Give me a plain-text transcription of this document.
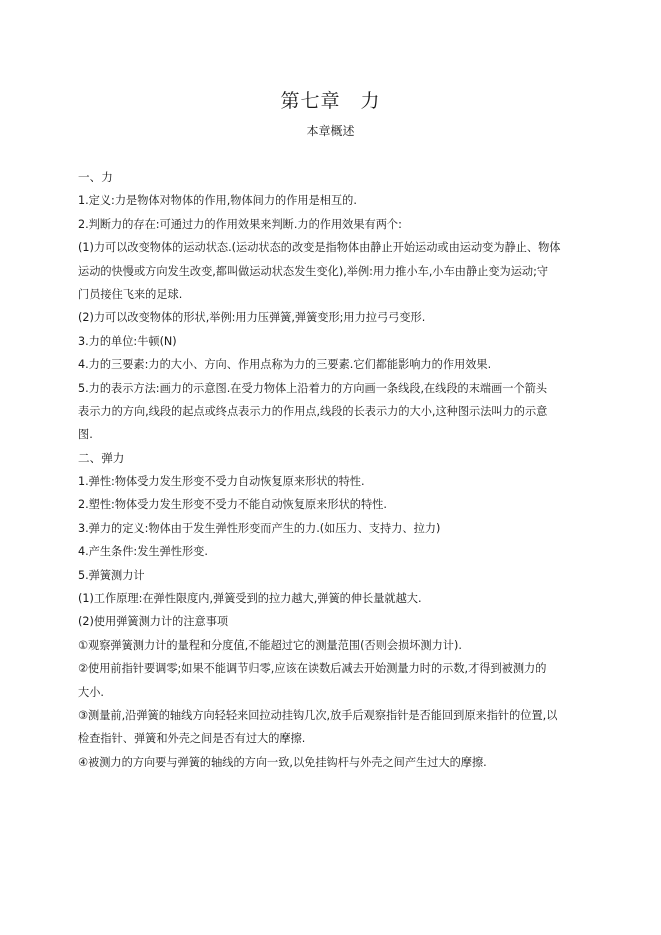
第七章　力
本章概述
一、力
1.定义:力是物体对物体的作用,物体间力的作用是相互的.
2.判断力的存在:可通过力的作用效果来判断.力的作用效果有两个:
(1)力可以改变物体的运动状态.(运动状态的改变是指物体由静止开始运动或由运动变为静止、物体
运动的快慢或方向发生改变,都叫做运动状态发生变化),举例:用力推小车,小车由静止变为运动;守
门员接住飞来的足球.
(2)力可以改变物体的形状,举例:用力压弹簧,弹簧变形;用力拉弓弓变形.
3.力的单位:牛顿(N)
4.力的三要素:力的大小、方向、作用点称为力的三要素.它们都能影响力的作用效果.
5.力的表示方法:画力的示意图.在受力物体上沿着力的方向画一条线段,在线段的末端画一个箭头
表示力的方向,线段的起点或终点表示力的作用点,线段的长表示力的大小,这种图示法叫力的示意
图.
二、弹力
1.弹性:物体受力发生形变不受力自动恢复原来形状的特性.
2.塑性:物体受力发生形变不受力不能自动恢复原来形状的特性.
3.弹力的定义:物体由于发生弹性形变而产生的力.(如压力、支持力、拉力)
4.产生条件:发生弹性形变.
5.弹簧测力计
(1)工作原理:在弹性限度内,弹簧受到的拉力越大,弹簧的伸长量就越大.
(2)使用弹簧测力计的注意事项
①观察弹簧测力计的量程和分度值,不能超过它的测量范围(否则会损坏测力计).
②使用前指针要调零;如果不能调节归零,应该在读数后减去开始测量力时的示数,才得到被测力的
大小.
③测量前,沿弹簧的轴线方向轻轻来回拉动挂钩几次,放手后观察指针是否能回到原来指针的位置,以
检查指针、弹簧和外壳之间是否有过大的摩擦.
④被测力的方向要与弹簧的轴线的方向一致,以免挂钩杆与外壳之间产生过大的摩擦.
